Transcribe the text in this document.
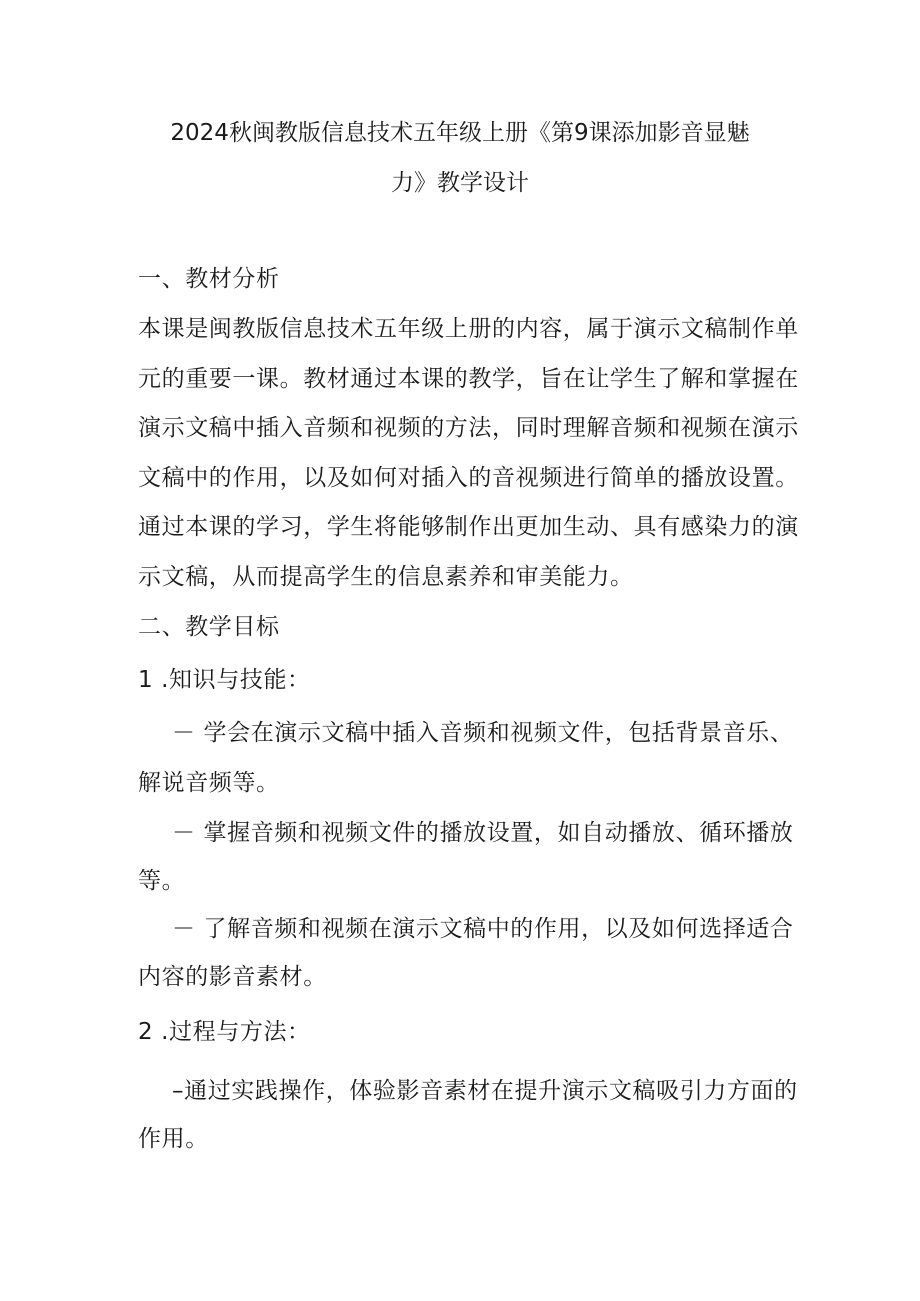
2024秋闽教版信息技术五年级上册《第9课添加影音显魅
力》教学设计
一、教材分析
本课是闽教版信息技术五年级上册的内容，属于演示文稿制作单
元的重要一课。教材通过本课的教学，旨在让学生了解和掌握在
演示文稿中插入音频和视频的方法，同时理解音频和视频在演示
文稿中的作用，以及如何对插入的音视频进行简单的播放设置。
通过本课的学习，学生将能够制作出更加生动、具有感染力的演
示文稿，从而提高学生的信息素养和审美能力。
二、教学目标
1 .知识与技能：
－ 学会在演示文稿中插入音频和视频文件，包括背景音乐、
解说音频等。
－ 掌握音频和视频文件的播放设置，如自动播放、循环播放
等。
－ 了解音频和视频在演示文稿中的作用，以及如何选择适合
内容的影音素材。
2 .过程与方法：
–通过实践操作，体验影音素材在提升演示文稿吸引力方面的
作用。
